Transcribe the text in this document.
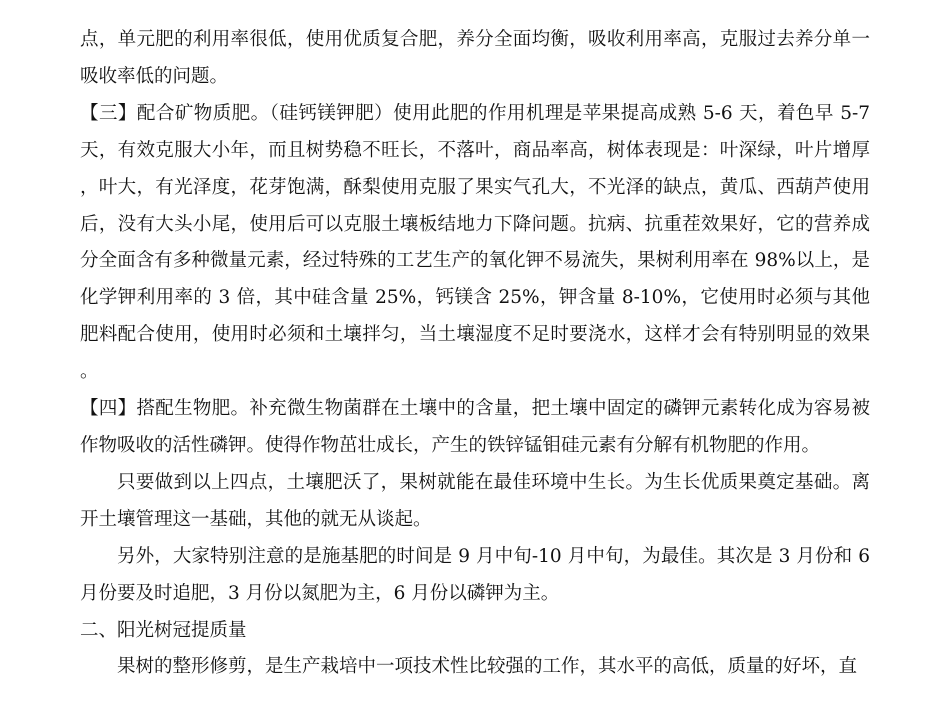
点，单元肥的利用率很低，使用优质复合肥，养分全面均衡，吸收利用率高，克服过去养分单一吸收率低的问题。

【三】配合矿物质肥。（硅钙镁钾肥）使用此肥的作用机理是苹果提高成熟 5-6 天，着色早 5-7 天，有效克服大小年，而且树势稳不旺长，不落叶，商品率高，树体表现是：叶深绿，叶片增厚，叶大，有光泽度，花芽饱满，酥梨使用克服了果实气孔大，不光泽的缺点，黄瓜、西葫芦使用后，没有大头小尾，使用后可以克服土壤板结地力下降问题。抗病、抗重茬效果好，它的营养成分全面含有多种微量元素，经过特殊的工艺生产的氧化钾不易流失，果树利用率在 98%以上，是化学钾利用率的 3 倍，其中硅含量 25%，钙镁含 25%，钾含量 8-10%，它使用时必须与其他肥料配合使用，使用时必须和土壤拌匀，当土壤湿度不足时要浇水，这样才会有特别明显的效果。

【四】搭配生物肥。补充微生物菌群在土壤中的含量，把土壤中固定的磷钾元素转化成为容易被作物吸收的活性磷钾。使得作物茁壮成长，产生的铁锌锰钼硅元素有分解有机物肥的作用。

只要做到以上四点，土壤肥沃了，果树就能在最佳环境中生长。为生长优质果奠定基础。离开土壤管理这一基础，其他的就无从谈起。

另外，大家特别注意的是施基肥的时间是 9 月中旬-10 月中旬，为最佳。其次是 3 月份和 6 月份要及时追肥，3 月份以氮肥为主，6 月份以磷钾为主。

二、阳光树冠提质量

果树的整形修剪，是生产栽培中一项技术性比较强的工作，其水平的高低，质量的好坏，直
